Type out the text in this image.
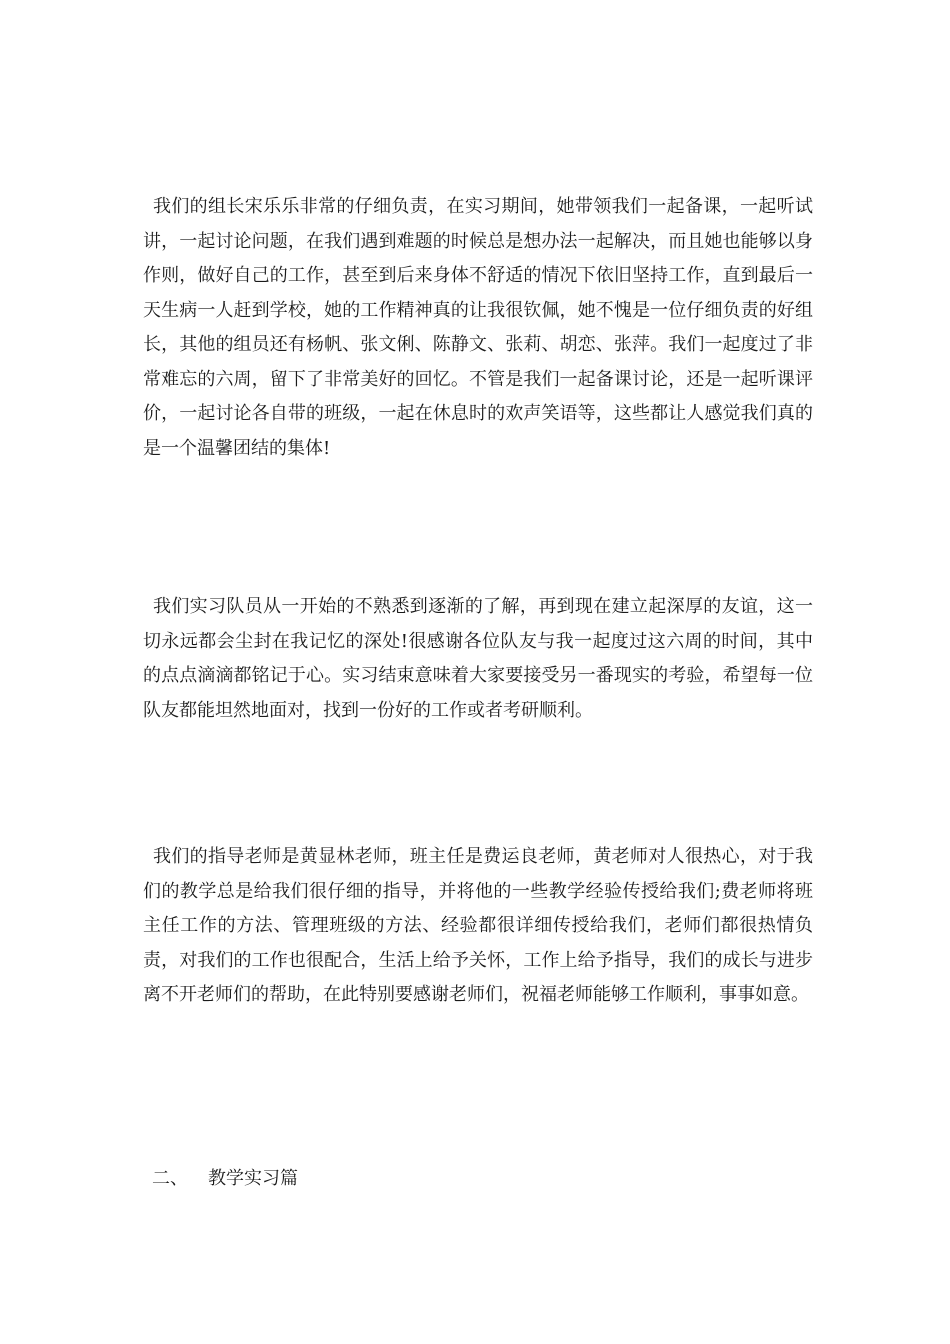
我们的组长宋乐乐非常的仔细负责，在实习期间，她带领我们一起备课，一起听试讲，一起讨论问题，在我们遇到难题的时候总是想办法一起解决，而且她也能够以身作则，做好自己的工作，甚至到后来身体不舒适的情况下依旧坚持工作，直到最后一天生病一人赶到学校，她的工作精神真的让我很钦佩，她不愧是一位仔细负责的好组长，其他的组员还有杨帆、张文俐、陈静文、张莉、胡恋、张萍。我们一起度过了非常难忘的六周，留下了非常美好的回忆。不管是我们一起备课讨论，还是一起听课评价，一起讨论各自带的班级，一起在休息时的欢声笑语等，这些都让人感觉我们真的是一个温馨团结的集体!

我们实习队员从一开始的不熟悉到逐渐的了解，再到现在建立起深厚的友谊，这一切永远都会尘封在我记忆的深处!很感谢各位队友与我一起度过这六周的时间，其中的点点滴滴都铭记于心。实习结束意味着大家要接受另一番现实的考验，希望每一位队友都能坦然地面对，找到一份好的工作或者考研顺利。

我们的指导老师是黄显林老师，班主任是费运良老师，黄老师对人很热心，对于我们的教学总是给我们很仔细的指导，并将他的一些教学经验传授给我们;费老师将班主任工作的方法、管理班级的方法、经验都很详细传授给我们，老师们都很热情负责，对我们的工作也很配合，生活上给予关怀，工作上给予指导，我们的成长与进步离不开老师们的帮助，在此特别要感谢老师们，祝福老师能够工作顺利，事事如意。

二、 教学实习篇
